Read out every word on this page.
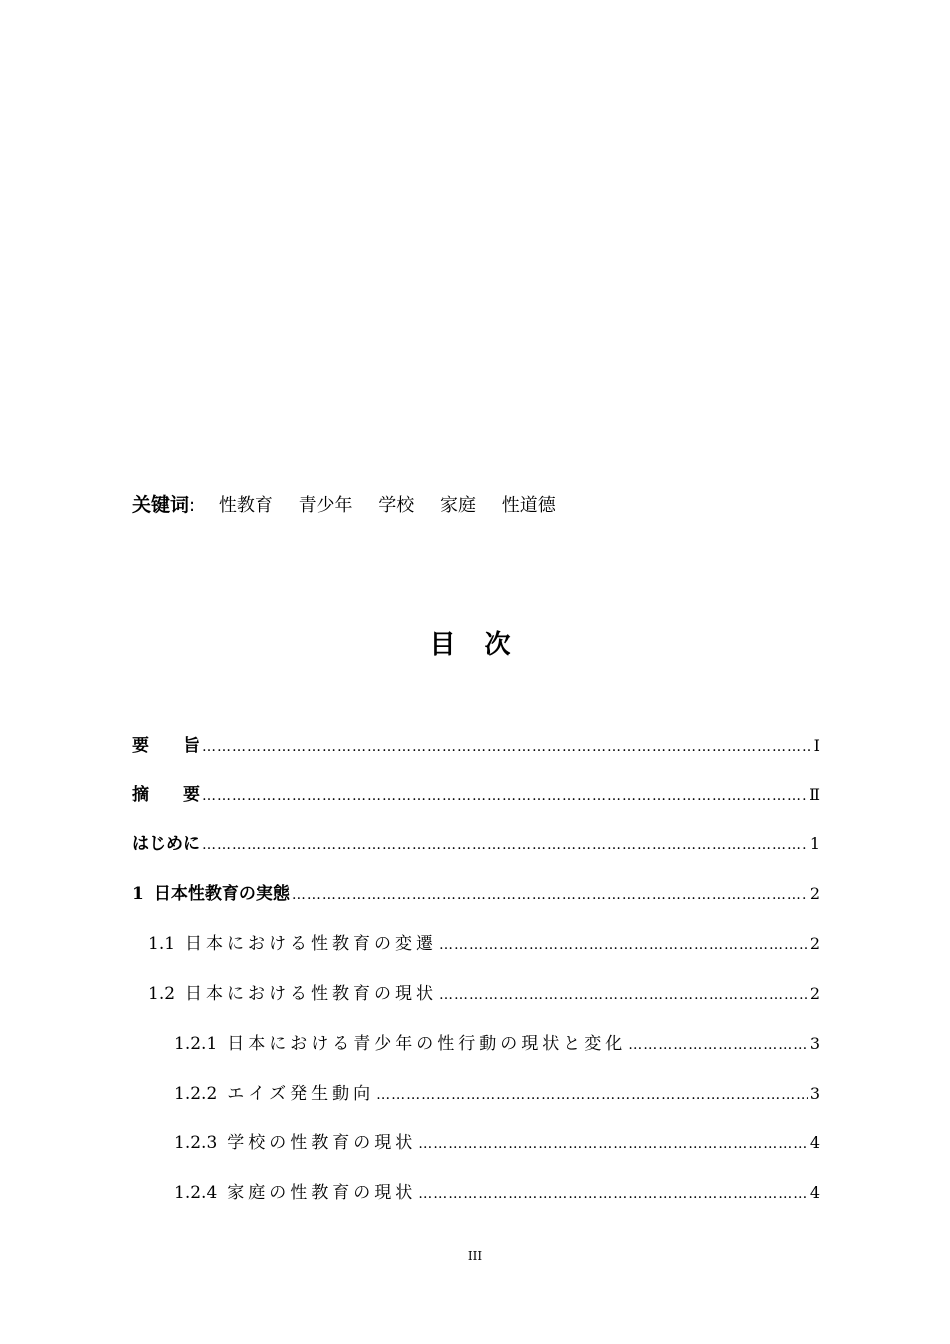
关键词: 性教育 青少年 学校 家庭 性道德
目 次
要　　旨 ……………………………………………………………………………………………………………………………………………………………………………………	Ⅰ
摘　　要 ……………………………………………………………………………………………………………………………………………………………………………………	Ⅱ
はじめに ……………………………………………………………………………………………………………………………………………………………………………………	1
1 日本性教育の実態 ……………………………………………………………………………………………………………………………………………………………………………………	2
1.1 日本における性教育の変遷 ……………………………………………………………………………………………………………………………………………………………………………………	2
1.2 日本における性教育の現状 ……………………………………………………………………………………………………………………………………………………………………………………	2
1.2.1 日本における青少年の性行動の現状と変化 ……………………………………………………………………………………………………………………………………………………………………………………	3
1.2.2 エイズ発生動向 ……………………………………………………………………………………………………………………………………………………………………………………	3
1.2.3 学校の性教育の現状 ……………………………………………………………………………………………………………………………………………………………………………………	4
1.2.4 家庭の性教育の現状 ……………………………………………………………………………………………………………………………………………………………………………………	4
III
